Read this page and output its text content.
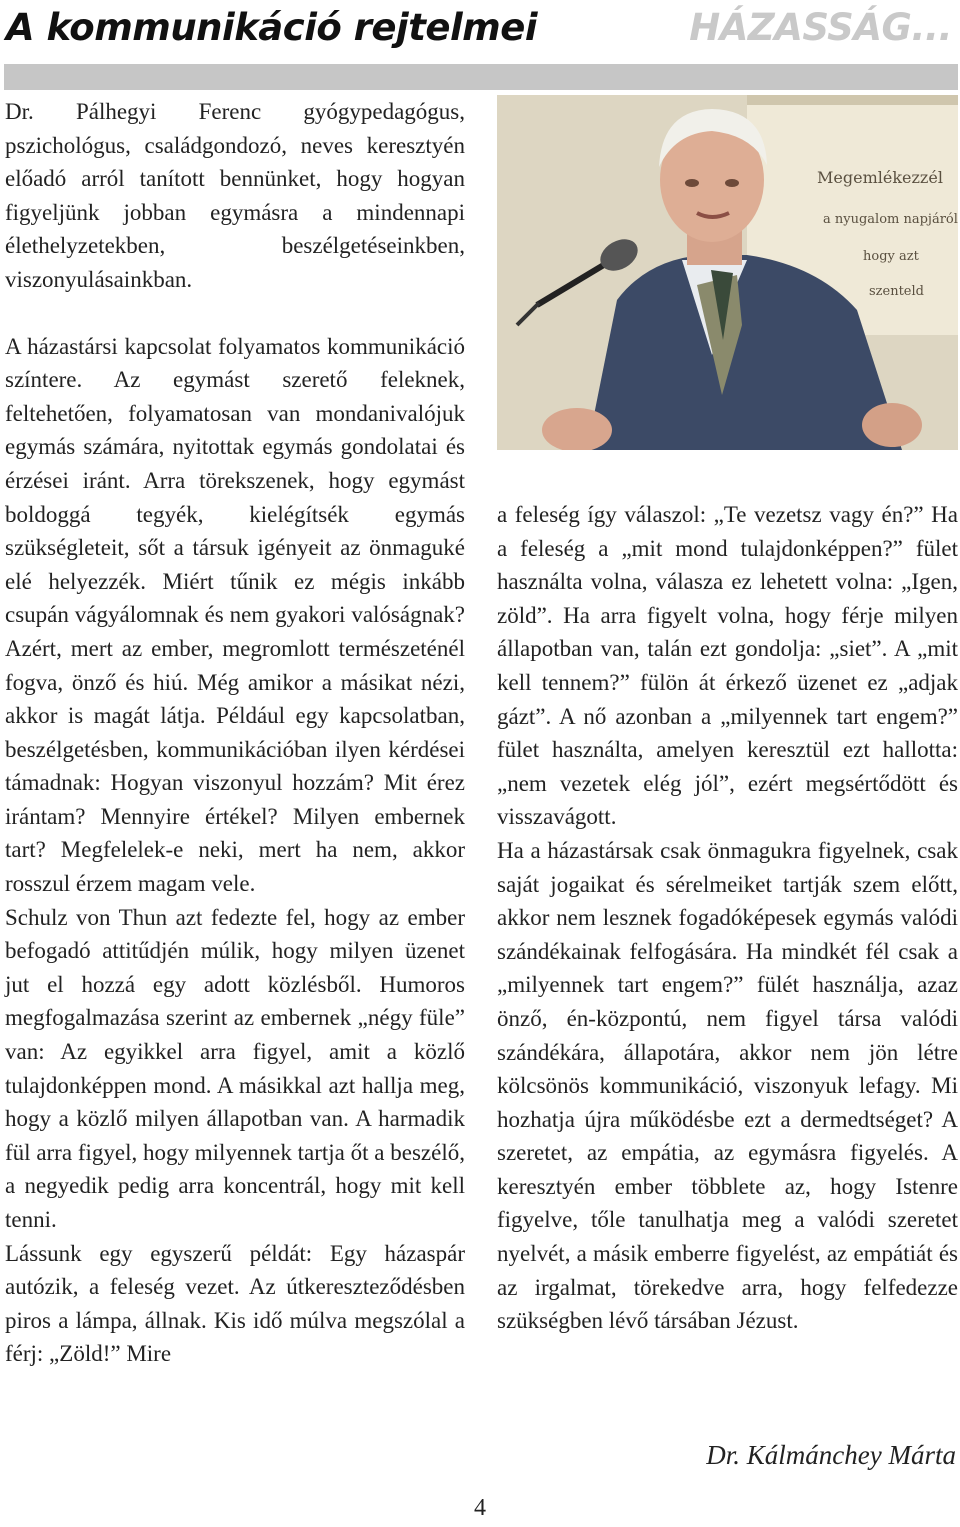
A kommunikáció rejtelmei	HÁZASSÁG...

Dr. Pálhegyi Ferenc gyógypedagógus, pszichológus, családgondozó, neves keresztyén előadó arról tanított bennünket, hogy hogyan figyeljünk jobban egymásra a mindennapi élethelyzetekben, beszélgetéseinkben, viszonyulásainkban.

A házastársi kapcsolat folyamatos kommunikáció színtere. Az egymást szerető feleknek, feltehetően, folyamatosan van mondanivalójuk egymás számára, nyitottak egymás gondolatai és érzései iránt. Arra törekszenek, hogy egymást boldoggá tegyék, kielégítsék egymás szükségleteit, sőt a társuk igényeit az önmaguké elé helyezzék. Miért tűnik ez mégis inkább csupán vágyálomnak és nem gyakori valóságnak? Azért, mert az ember, megromlott természeténél fogva, önző és hiú. Még amikor a másikat nézi, akkor is magát látja. Például egy kapcsolatban, beszélgetésben, kommunikációban ilyen kérdései támadnak: Hogyan viszonyul hozzám? Mit érez irántam? Mennyire értékel? Milyen embernek tart? Megfelelek-e neki, mert ha nem, akkor rosszul érzem magam vele.

Schulz von Thun azt fedezte fel, hogy az ember befogadó attitűdjén múlik, hogy milyen üzenet jut el hozzá egy adott közlésből. Humoros megfogalmazása szerint az embernek „négy füle” van: Az egyikkel arra figyel, amit a közlő tulajdonképpen mond. A másikkal azt hallja meg, hogy a közlő milyen állapotban van. A harmadik fül arra figyel, hogy milyennek tartja őt a beszélő, a negyedik pedig arra koncentrál, hogy mit kell tenni.

Lássunk egy egyszerű példát: Egy házaspár autózik, a feleség vezet. Az útkereszteződésben piros a lámpa, állnak. Kis idő múlva megszólal a férj: „Zöld!” Mire

Megemlékezzél
a nyugalom napjáról
hogy azt
szenteld

a feleség így válaszol: „Te vezetsz vagy én?” Ha a feleség a „mit mond tulajdonképpen?” fület használta volna, válasza ez lehetett volna: „Igen, zöld”. Ha arra figyelt volna, hogy férje milyen állapotban van, talán ezt gondolja: „siet”. A „mit kell tennem?” fülön át érkező üzenet ez „adjak gázt”. A nő azonban a „milyennek tart engem?” fület használta, amelyen keresztül ezt hallotta: „nem vezetek elég jól”, ezért megsértődött és visszavágott.

Ha a házastársak csak önmagukra figyelnek, csak saját jogaikat és sérelmeiket tartják szem előtt, akkor nem lesznek fogadóképesek egymás valódi szándékainak felfogására. Ha mindkét fél csak a „milyennek tart engem?” fülét használja, azaz önző, én-központú, nem figyel társa valódi szándékára, állapotára, akkor nem jön létre kölcsönös kommunikáció, viszonyuk lefagy. Mi hozhatja újra működésbe ezt a dermedtséget? A szeretet, az empátia, az egymásra figyelés. A keresztyén ember többlete az, hogy Istenre figyelve, tőle tanulhatja meg a valódi szeretet nyelvét, a másik emberre figyelést, az empátiát és az irgalmat, törekedve arra, hogy felfedezze szükségben lévő társában Jézust.

Dr. Kálmánchey Márta
4
